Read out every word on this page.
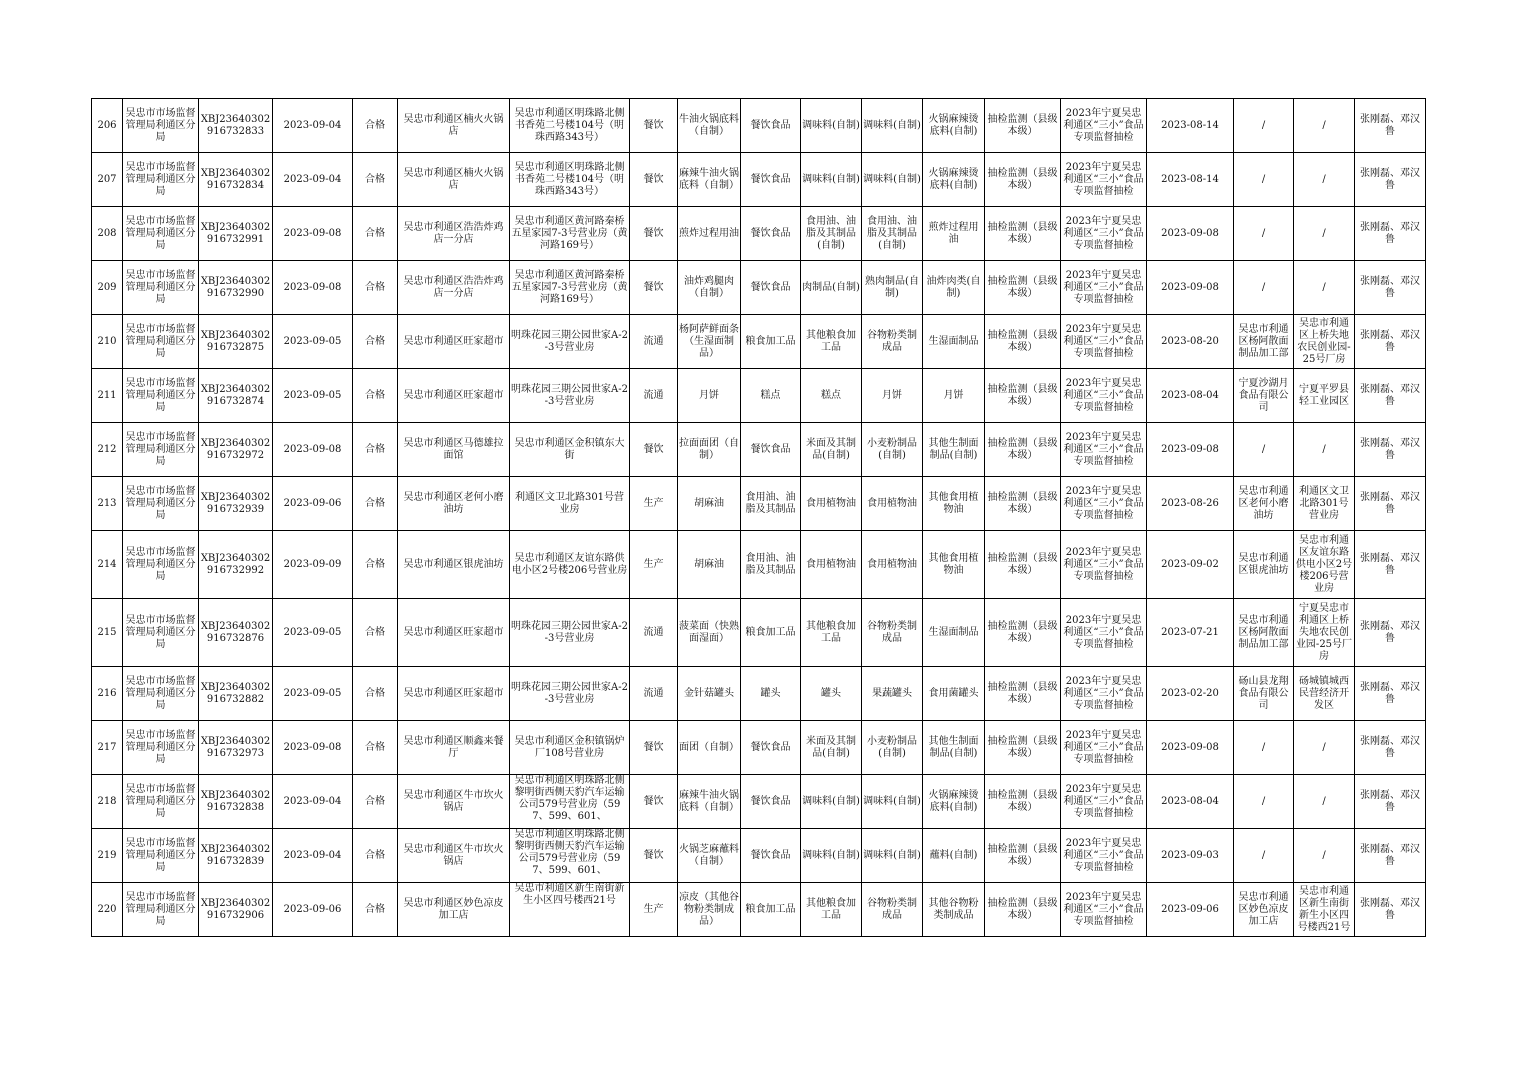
206	吴忠市市场监督管理局利通区分局	XBJ23640302916732833	2023-09-04	合格	吴忠市利通区楠火火锅店	吴忠市利通区明珠路北侧书香苑二号楼104号（明珠西路343号）	餐饮	牛油火锅底料（自制）	餐饮食品	调味料(自制)	调味料(自制)	火锅麻辣烫底料(自制)	抽检监测（县级本级）	2023年宁夏吴忠利通区“三小”食品专项监督抽检	2023-08-14	/	/	张刚磊、邓汉鲁
207	吴忠市市场监督管理局利通区分局	XBJ23640302916732834	2023-09-04	合格	吴忠市利通区楠火火锅店	吴忠市利通区明珠路北侧书香苑二号楼104号（明珠西路343号）	餐饮	麻辣牛油火锅底料（自制）	餐饮食品	调味料(自制)	调味料(自制)	火锅麻辣烫底料(自制)	抽检监测（县级本级）	2023年宁夏吴忠利通区“三小”食品专项监督抽检	2023-08-14	/	/	张刚磊、邓汉鲁
208	吴忠市市场监督管理局利通区分局	XBJ23640302916732991	2023-09-08	合格	吴忠市利通区浩浩炸鸡店一分店	吴忠市利通区黄河路秦桥五星家园7-3号营业房（黄河路169号）	餐饮	煎炸过程用油	餐饮食品	食用油、油脂及其制品(自制)	食用油、油脂及其制品(自制)	煎炸过程用油	抽检监测（县级本级）	2023年宁夏吴忠利通区“三小”食品专项监督抽检	2023-09-08	/	/	张刚磊、邓汉鲁
209	吴忠市市场监督管理局利通区分局	XBJ23640302916732990	2023-09-08	合格	吴忠市利通区浩浩炸鸡店一分店	吴忠市利通区黄河路秦桥五星家园7-3号营业房（黄河路169号）	餐饮	油炸鸡腿肉（自制）	餐饮食品	肉制品(自制)	熟肉制品(自制)	油炸肉类(自制)	抽检监测（县级本级）	2023年宁夏吴忠利通区“三小”食品专项监督抽检	2023-09-08	/	/	张刚磊、邓汉鲁
210	吴忠市市场监督管理局利通区分局	XBJ23640302916732875	2023-09-05	合格	吴忠市利通区旺家超市	明珠花园三期公园世家A-2-3号营业房	流通	杨阿萨鲜面条（生湿面制品）	粮食加工品	其他粮食加工品	谷物粉类制成品	生湿面制品	抽检监测（县级本级）	2023年宁夏吴忠利通区“三小”食品专项监督抽检	2023-08-20	吴忠市利通区杨阿散面制品加工部	吴忠市利通区上桥失地农民创业园-25号厂房	张刚磊、邓汉鲁
211	吴忠市市场监督管理局利通区分局	XBJ23640302916732874	2023-09-05	合格	吴忠市利通区旺家超市	明珠花园三期公园世家A-2-3号营业房	流通	月饼	糕点	糕点	月饼	月饼	抽检监测（县级本级）	2023年宁夏吴忠利通区“三小”食品专项监督抽检	2023-08-04	宁夏沙湖月食品有限公司	宁夏平罗县轻工业园区	张刚磊、邓汉鲁
212	吴忠市市场监督管理局利通区分局	XBJ23640302916732972	2023-09-08	合格	吴忠市利通区马德雄拉面馆	吴忠市利通区金积镇东大街	餐饮	拉面面团（自制）	餐饮食品	米面及其制品(自制)	小麦粉制品(自制)	其他生制面制品(自制)	抽检监测（县级本级）	2023年宁夏吴忠利通区“三小”食品专项监督抽检	2023-09-08	/	/	张刚磊、邓汉鲁
213	吴忠市市场监督管理局利通区分局	XBJ23640302916732939	2023-09-06	合格	吴忠市利通区老何小磨油坊	利通区文卫北路301号营业房	生产	胡麻油	食用油、油脂及其制品	食用植物油	食用植物油	其他食用植物油	抽检监测（县级本级）	2023年宁夏吴忠利通区“三小”食品专项监督抽检	2023-08-26	吴忠市利通区老何小磨油坊	利通区文卫北路301号营业房	张刚磊、邓汉鲁
214	吴忠市市场监督管理局利通区分局	XBJ23640302916732992	2023-09-09	合格	吴忠市利通区银虎油坊	吴忠市利通区友谊东路供电小区2号楼206号营业房	生产	胡麻油	食用油、油脂及其制品	食用植物油	食用植物油	其他食用植物油	抽检监测（县级本级）	2023年宁夏吴忠利通区“三小”食品专项监督抽检	2023-09-02	吴忠市利通区银虎油坊	吴忠市利通区友谊东路供电小区2号楼206号营业房	张刚磊、邓汉鲁
215	吴忠市市场监督管理局利通区分局	XBJ23640302916732876	2023-09-05	合格	吴忠市利通区旺家超市	明珠花园三期公园世家A-2-3号营业房	流通	菠菜面（快熟面湿面）	粮食加工品	其他粮食加工品	谷物粉类制成品	生湿面制品	抽检监测（县级本级）	2023年宁夏吴忠利通区“三小”食品专项监督抽检	2023-07-21	吴忠市利通区杨阿散面制品加工部	宁夏吴忠市利通区上桥失地农民创业园-25号厂房	张刚磊、邓汉鲁
216	吴忠市市场监督管理局利通区分局	XBJ23640302916732882	2023-09-05	合格	吴忠市利通区旺家超市	明珠花园三期公园世家A-2-3号营业房	流通	金针菇罐头	罐头	罐头	果蔬罐头	食用菌罐头	抽检监测（县级本级）	2023年宁夏吴忠利通区“三小”食品专项监督抽检	2023-02-20	砀山县龙翔食品有限公司	砀城镇城西民营经济开发区	张刚磊、邓汉鲁
217	吴忠市市场监督管理局利通区分局	XBJ23640302916732973	2023-09-08	合格	吴忠市利通区顺鑫来餐厅	吴忠市利通区金积镇锅炉厂108号营业房	餐饮	面团（自制）	餐饮食品	米面及其制品(自制)	小麦粉制品(自制)	其他生制面制品(自制)	抽检监测（县级本级）	2023年宁夏吴忠利通区“三小”食品专项监督抽检	2023-09-08	/	/	张刚磊、邓汉鲁
218	吴忠市市场监督管理局利通区分局	XBJ23640302916732838	2023-09-04	合格	吴忠市利通区牛市坎火锅店	吴忠市利通区明珠路北侧黎明街西侧天豹汽车运输公司579号营业房（597、599、601、	餐饮	麻辣牛油火锅底料（自制）	餐饮食品	调味料(自制)	调味料(自制)	火锅麻辣烫底料(自制)	抽检监测（县级本级）	2023年宁夏吴忠利通区“三小”食品专项监督抽检	2023-08-04	/	/	张刚磊、邓汉鲁
219	吴忠市市场监督管理局利通区分局	XBJ23640302916732839	2023-09-04	合格	吴忠市利通区牛市坎火锅店	吴忠市利通区明珠路北侧黎明街西侧天豹汽车运输公司579号营业房（597、599、601、	餐饮	火锅芝麻蘸料（自制）	餐饮食品	调味料(自制)	调味料(自制)	蘸料(自制)	抽检监测（县级本级）	2023年宁夏吴忠利通区“三小”食品专项监督抽检	2023-09-03	/	/	张刚磊、邓汉鲁
220	吴忠市市场监督管理局利通区分局	XBJ23640302916732906	2023-09-06	合格	吴忠市利通区妙色凉皮加工店	吴忠市利通区新生南街新生小区四号楼西21号	生产	凉皮（其他谷物粉类制成品）	粮食加工品	其他粮食加工品	谷物粉类制成品	其他谷物粉类制成品	抽检监测（县级本级）	2023年宁夏吴忠利通区“三小”食品专项监督抽检	2023-09-06	吴忠市利通区妙色凉皮加工店	吴忠市利通区新生南街新生小区四号楼西21号	张刚磊、邓汉鲁
